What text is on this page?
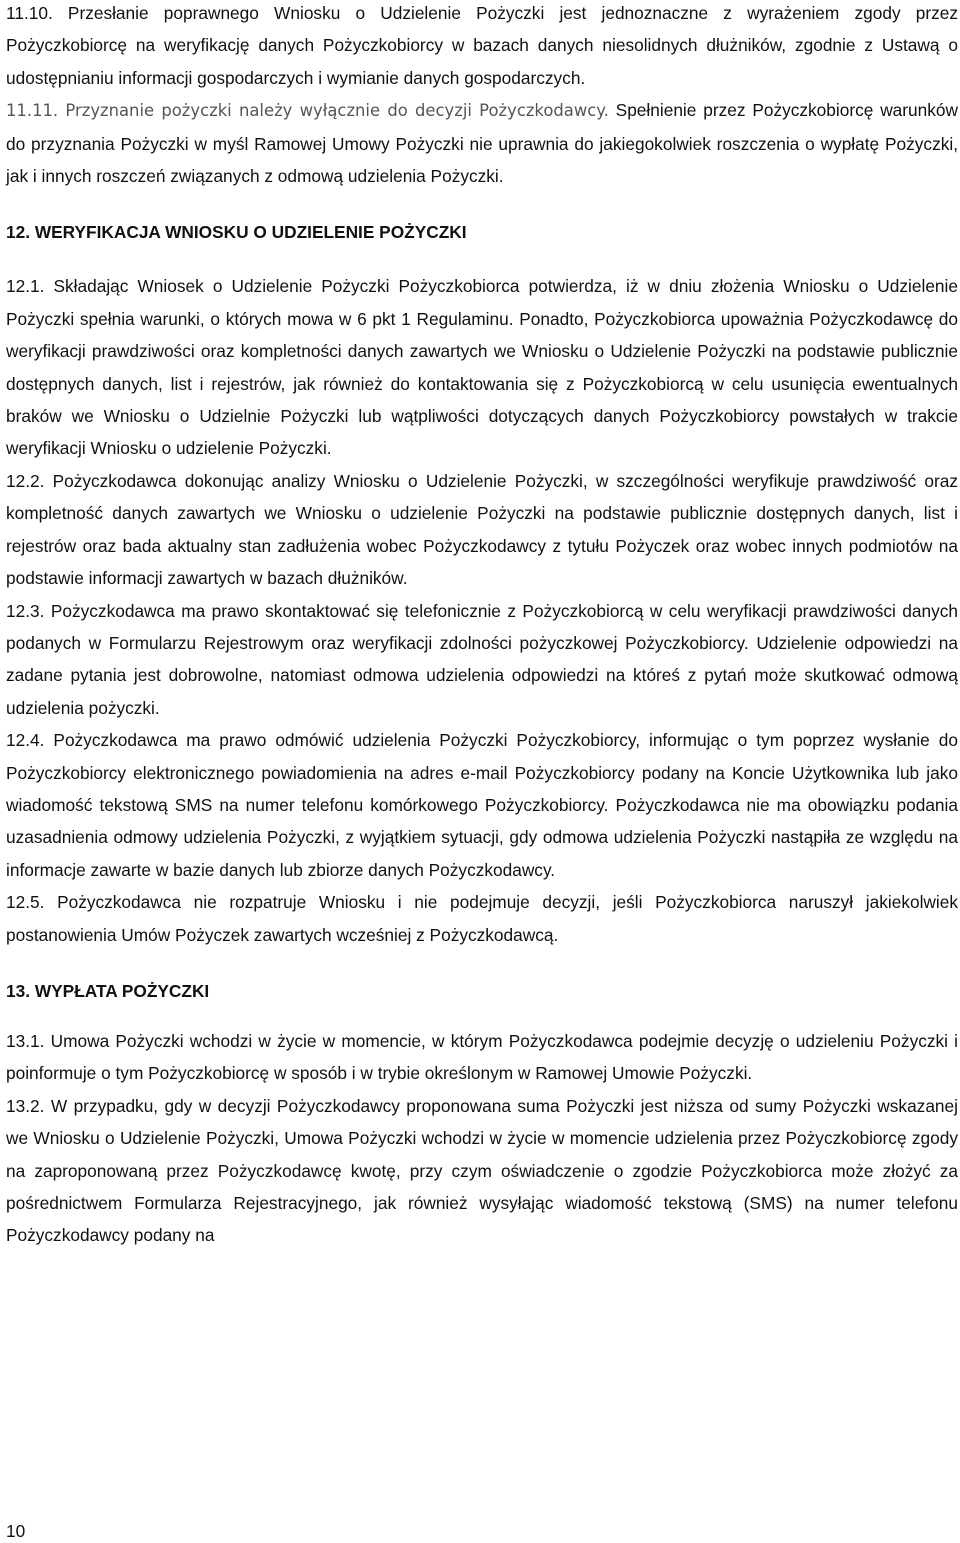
11.10. Przesłanie poprawnego Wniosku o Udzielenie Pożyczki jest jednoznaczne z wyrażeniem zgody przez Pożyczkobiorcę na weryfikację danych Pożyczkobiorcy w bazach danych niesolidnych dłużników, zgodnie z Ustawą o udostępnianiu informacji gospodarczych i wymianie danych gospodarczych.

11.11. Przyznanie pożyczki należy wyłącznie do decyzji Pożyczkodawcy. Spełnienie przez Pożyczkobiorcę warunków do przyznania Pożyczki w myśl Ramowej Umowy Pożyczki nie uprawnia do jakiegokolwiek roszczenia o wypłatę Pożyczki, jak i innych roszczeń związanych z odmową udzielenia Pożyczki.

12. WERYFIKACJA WNIOSKU O UDZIELENIE POŻYCZKI

12.1. Składając Wniosek o Udzielenie Pożyczki Pożyczkobiorca potwierdza, iż w dniu złożenia Wniosku o Udzielenie Pożyczki spełnia warunki, o których mowa w 6 pkt 1 Regulaminu. Ponadto, Pożyczkobiorca upoważnia Pożyczkodawcę do weryfikacji prawdziwości oraz kompletności danych zawartych we Wniosku o Udzielenie Pożyczki na podstawie publicznie dostępnych danych, list i rejestrów, jak również do kontaktowania się z Pożyczkobiorcą w celu usunięcia ewentualnych braków we Wniosku o Udzielnie Pożyczki lub wątpliwości dotyczących danych Pożyczkobiorcy powstałych w trakcie weryfikacji Wniosku o udzielenie Pożyczki.

12.2. Pożyczkodawca dokonując analizy Wniosku o Udzielenie Pożyczki, w szczególności weryfikuje prawdziwość oraz kompletność danych zawartych we Wniosku o udzielenie Pożyczki na podstawie publicznie dostępnych danych, list i rejestrów oraz bada aktualny stan zadłużenia wobec Pożyczkodawcy z tytułu Pożyczek oraz wobec innych podmiotów na podstawie informacji zawartych w bazach dłużników.

12.3. Pożyczkodawca ma prawo skontaktować się telefonicznie z Pożyczkobiorcą w celu weryfikacji prawdziwości danych podanych w Formularzu Rejestrowym oraz weryfikacji zdolności pożyczkowej Pożyczkobiorcy. Udzielenie odpowiedzi na zadane pytania jest dobrowolne, natomiast odmowa udzielenia odpowiedzi na któreś z pytań może skutkować odmową udzielenia pożyczki.

12.4. Pożyczkodawca ma prawo odmówić udzielenia Pożyczki Pożyczkobiorcy, informując o tym poprzez wysłanie do Pożyczkobiorcy elektronicznego powiadomienia na adres e-mail Pożyczkobiorcy podany na Koncie Użytkownika lub jako wiadomość tekstową SMS na numer telefonu komórkowego Pożyczkobiorcy. Pożyczkodawca nie ma obowiązku podania uzasadnienia odmowy udzielenia Pożyczki, z wyjątkiem sytuacji, gdy odmowa udzielenia Pożyczki nastąpiła ze względu na informacje zawarte w bazie danych lub zbiorze danych Pożyczkodawcy.

12.5. Pożyczkodawca nie rozpatruje Wniosku i nie podejmuje decyzji, jeśli Pożyczkobiorca naruszył jakiekolwiek postanowienia Umów Pożyczek zawartych wcześniej z Pożyczkodawcą.

13. WYPŁATA POŻYCZKI

13.1. Umowa Pożyczki wchodzi w życie w momencie, w którym Pożyczkodawca podejmie decyzję o udzieleniu Pożyczki i poinformuje o tym Pożyczkobiorcę w sposób i w trybie określonym w Ramowej Umowie Pożyczki.

13.2. W przypadku, gdy w decyzji Pożyczkodawcy proponowana suma Pożyczki jest niższa od sumy Pożyczki wskazanej we Wniosku o Udzielenie Pożyczki, Umowa Pożyczki wchodzi w życie w momencie udzielenia przez Pożyczkobiorcę zgody na zaproponowaną przez Pożyczkodawcę kwotę, przy czym oświadczenie o zgodzie Pożyczkobiorca może złożyć za pośrednictwem Formularza Rejestracyjnego, jak również wysyłając wiadomość tekstową (SMS) na numer telefonu Pożyczkodawcy podany na

10
